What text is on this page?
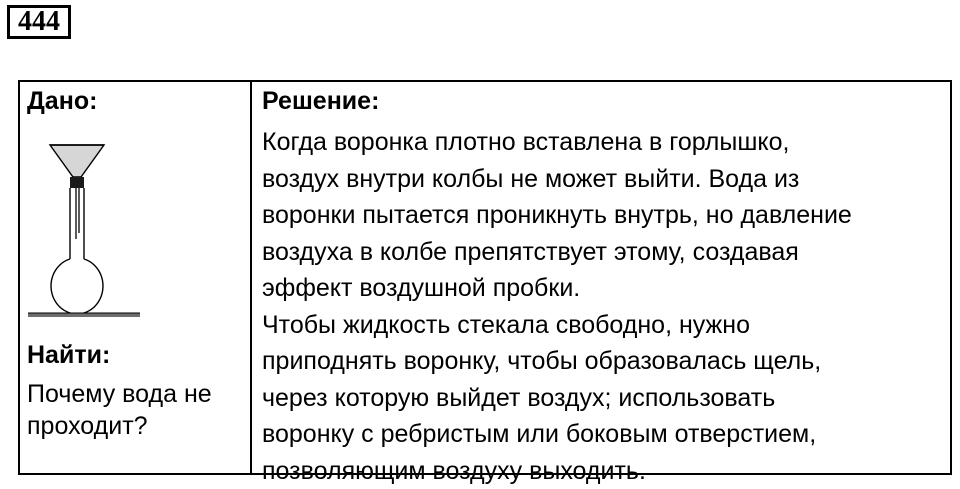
444
Дано:
Найти:
Почему вода не
проходит?
Решение:
Когда воронка плотно вставлена в горлышко,
воздух внутри колбы не может выйти. Вода из
воронки пытается проникнуть внутрь, но давление
воздуха в колбе препятствует этому, создавая
эффект воздушной пробки.
Чтобы жидкость стекала свободно, нужно
приподнять воронку, чтобы образовалась щель,
через которую выйдет воздух; использовать
воронку с ребристым или боковым отверстием,
позволяющим воздуху выходить.
